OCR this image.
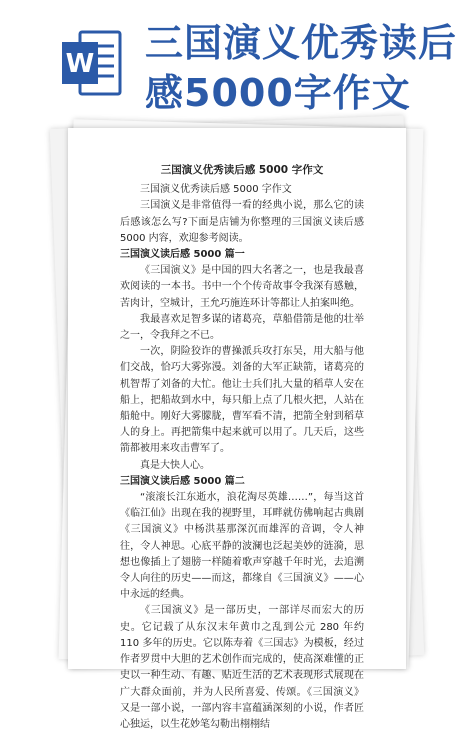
W 三国演义优秀读后
感5000字作文
三国演义优秀读后感 5000 字作文

三国演义优秀读后感 5000 字作文

三国演义是非常值得一看的经典小说，那么它的读后感该怎么写?下面是店铺为你整理的三国演义读后感 5000 内容，欢迎参考阅读。

三国演义读后感 5000 篇一

《三国演义》是中国的四大名著之一，也是我最喜欢阅读的一本书。书中一个个传奇故事令我深有感触，苦肉计，空城计，王允巧施连环计等都让人拍案叫绝。

我最喜欢足智多谋的诸葛亮，草船借箭是他的壮举之一，令我拜之不已。

一次，阴险狡诈的曹操派兵攻打东吴，用大船与他们交战，恰巧大雾弥漫。刘备的大军正缺箭，诸葛亮的机智帮了刘备的大忙。他让士兵们扎大量的稻草人安在船上，把船故到水中，每只船上点了几根火把，人站在船舱中。刚好大雾朦胧，曹军看不清，把箭全射到稻草人的身上。再把箭集中起来就可以用了。几天后，这些箭都被用来攻击曹军了。

真是大快人心。

三国演义读后感 5000 篇二

“滚滚长江东逝水，浪花淘尽英雄……”，每当这首《临江仙》出现在我的视野里，耳畔就仿佛响起古典剧《三国演义》中杨洪基那深沉而雄浑的音调，令人神往，令人神思。心底平静的波澜也泛起美妙的涟漪，思想也像插上了翅膀一样随着歌声穿越千年时光，去追溯令人向往的历史——而这，都缘自《三国演义》——心中永远的经典。

《三国演义》是一部历史，一部详尽而宏大的历史。它记载了从东汉末年黄巾之乱到公元 280 年约 110 多年的历史。它以陈寿着《三国志》为模板，经过作者罗贯中大胆的艺术创作而完成的，使高深难懂的正史以一种生动、有趣、贴近生活的艺术表现形式展现在广大群众面前，并为人民所喜爱、传颂。《三国演义》又是一部小说，一部内容丰富蕴涵深刻的小说，作者匠心独运，以生花妙笔勾勒出栩栩结
